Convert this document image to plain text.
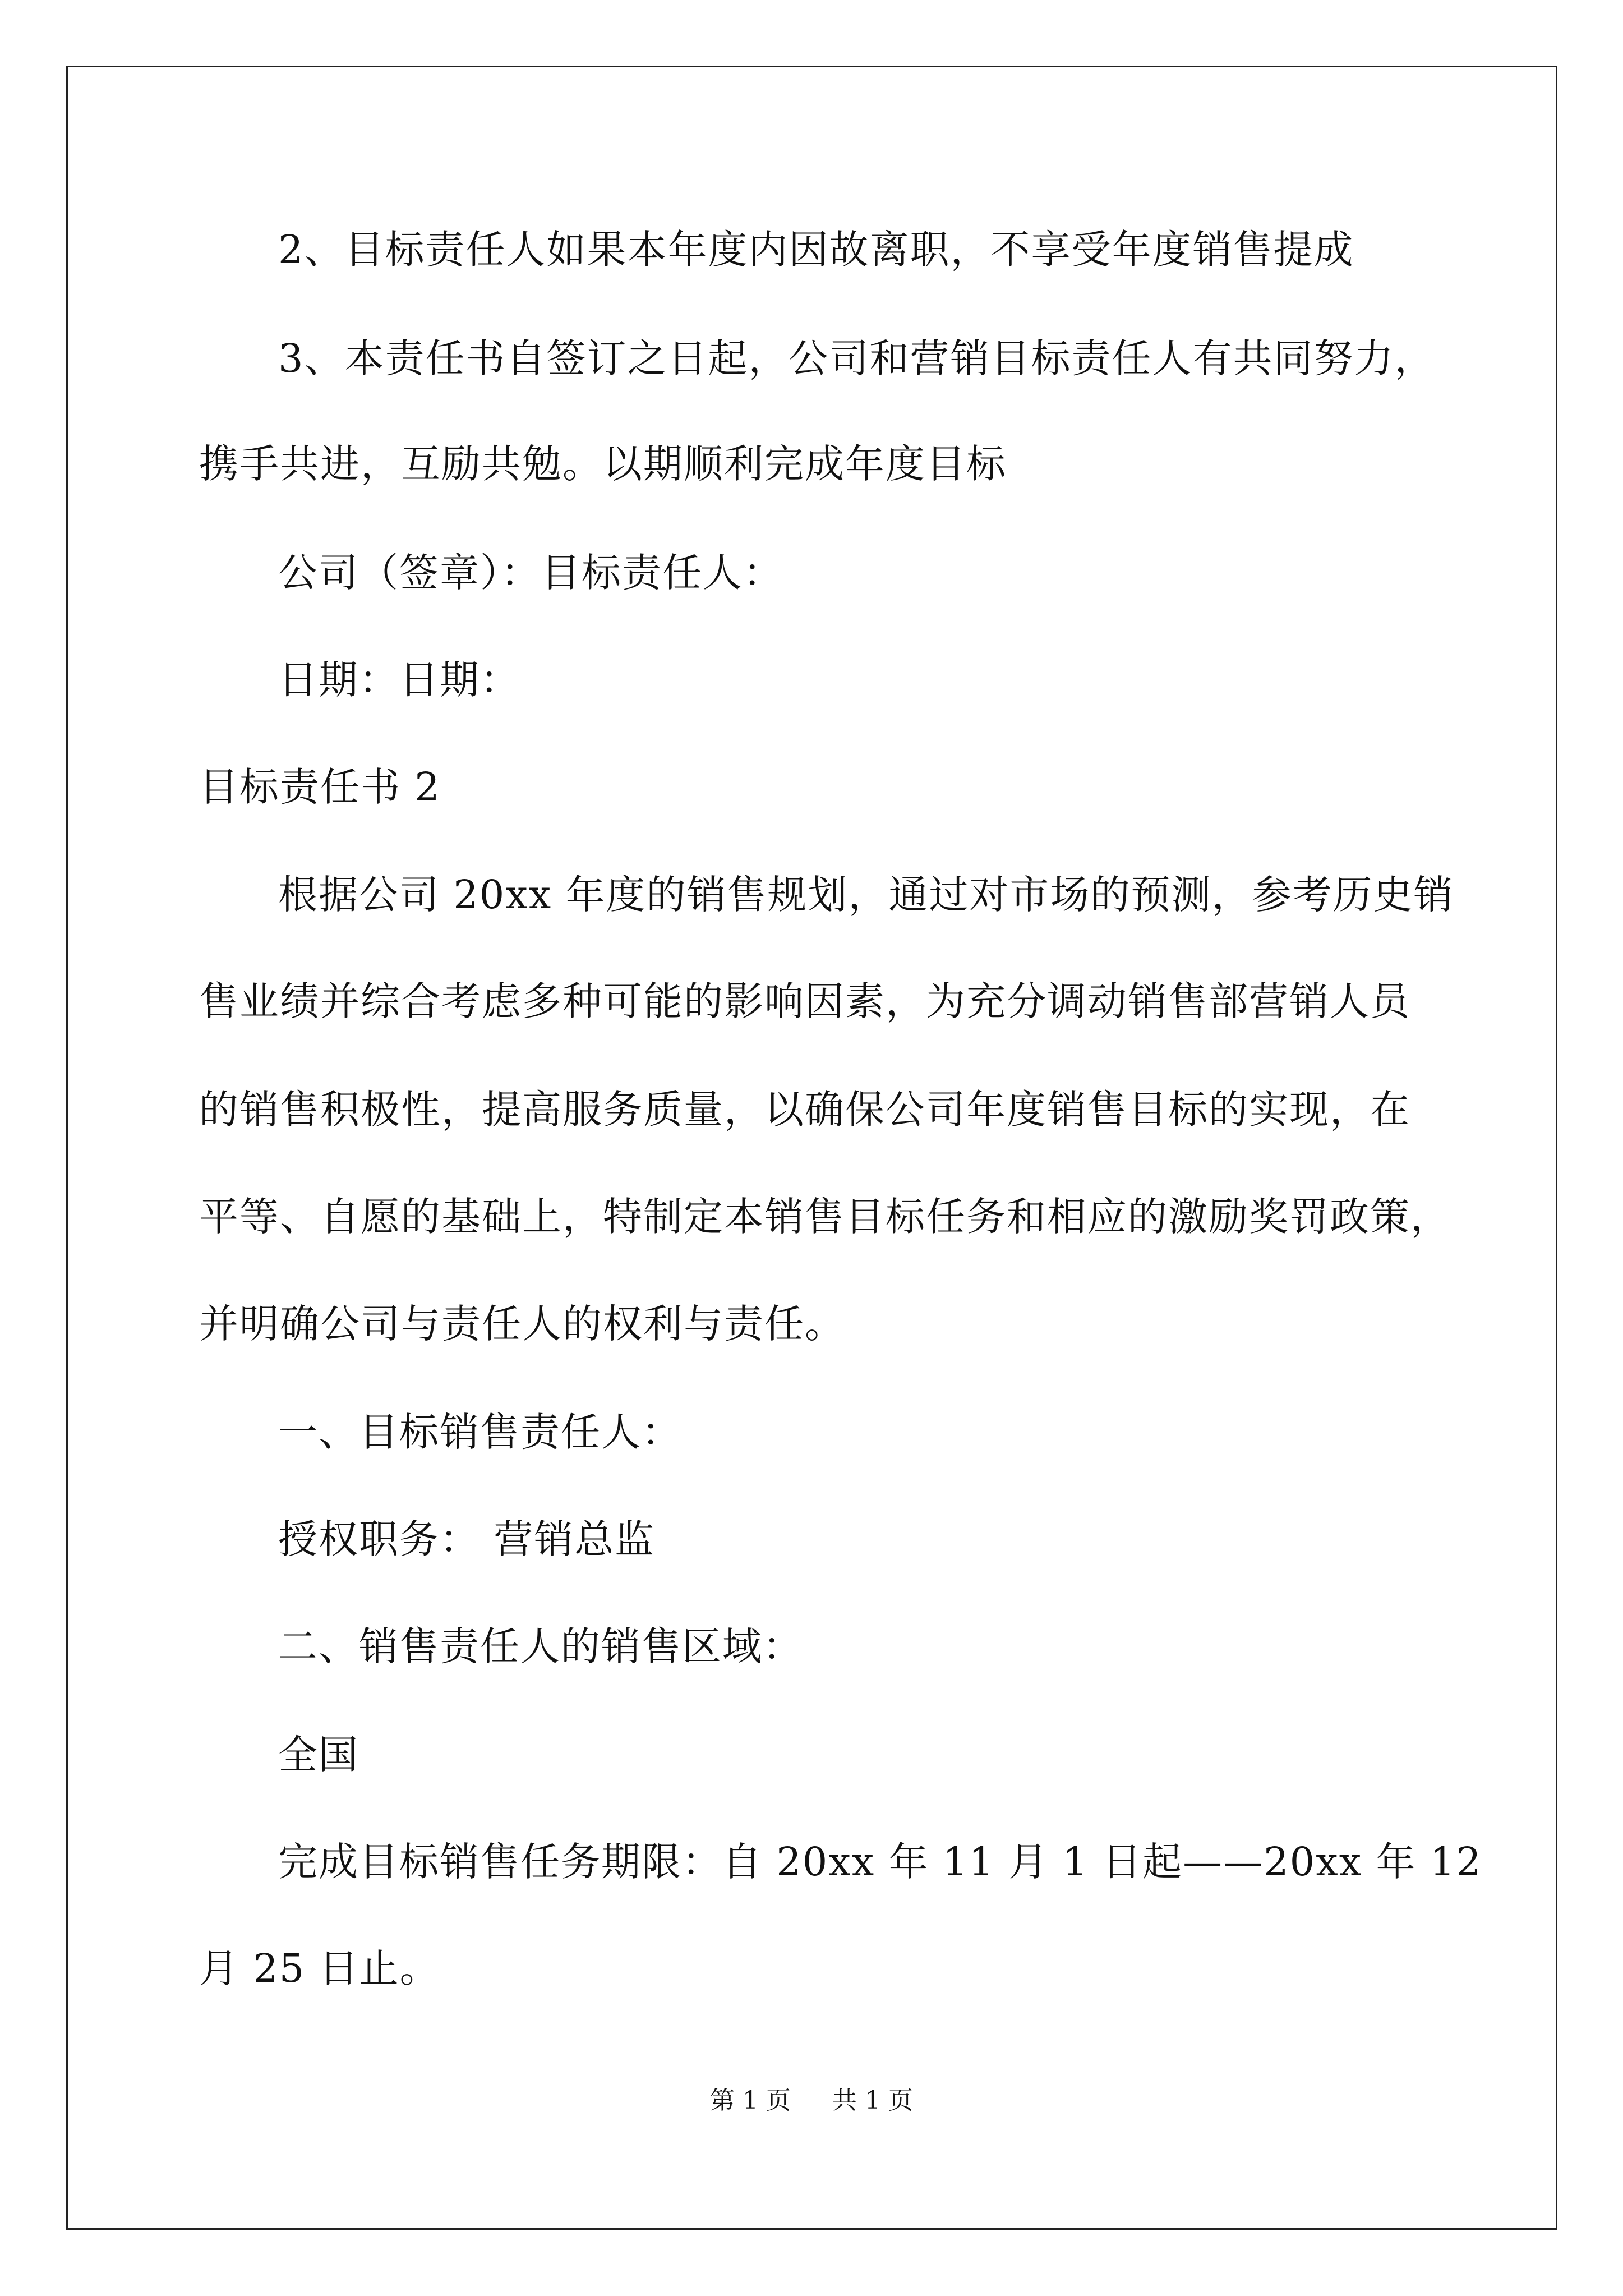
2、目标责任人如果本年度内因故离职，不享受年度销售提成
3、本责任书自签订之日起，公司和营销目标责任人有共同努力，
携手共进，互励共勉。以期顺利完成年度目标
公司（签章）：目标责任人：
日期：日期：
目标责任书 2
根据公司 20xx 年度的销售规划，通过对市场的预测，参考历史销
售业绩并综合考虑多种可能的影响因素，为充分调动销售部营销人员
的销售积极性，提高服务质量，以确保公司年度销售目标的实现，在
平等、自愿的基础上，特制定本销售目标任务和相应的激励奖罚政策，
并明确公司与责任人的权利与责任。
一、目标销售责任人：
授权职务： 营销总监
二、销售责任人的销售区域：
全国
完成目标销售任务期限：自 20xx 年 11 月 1 日起——20xx 年 12
月 25 日止。
第 1 页 共 1 页
